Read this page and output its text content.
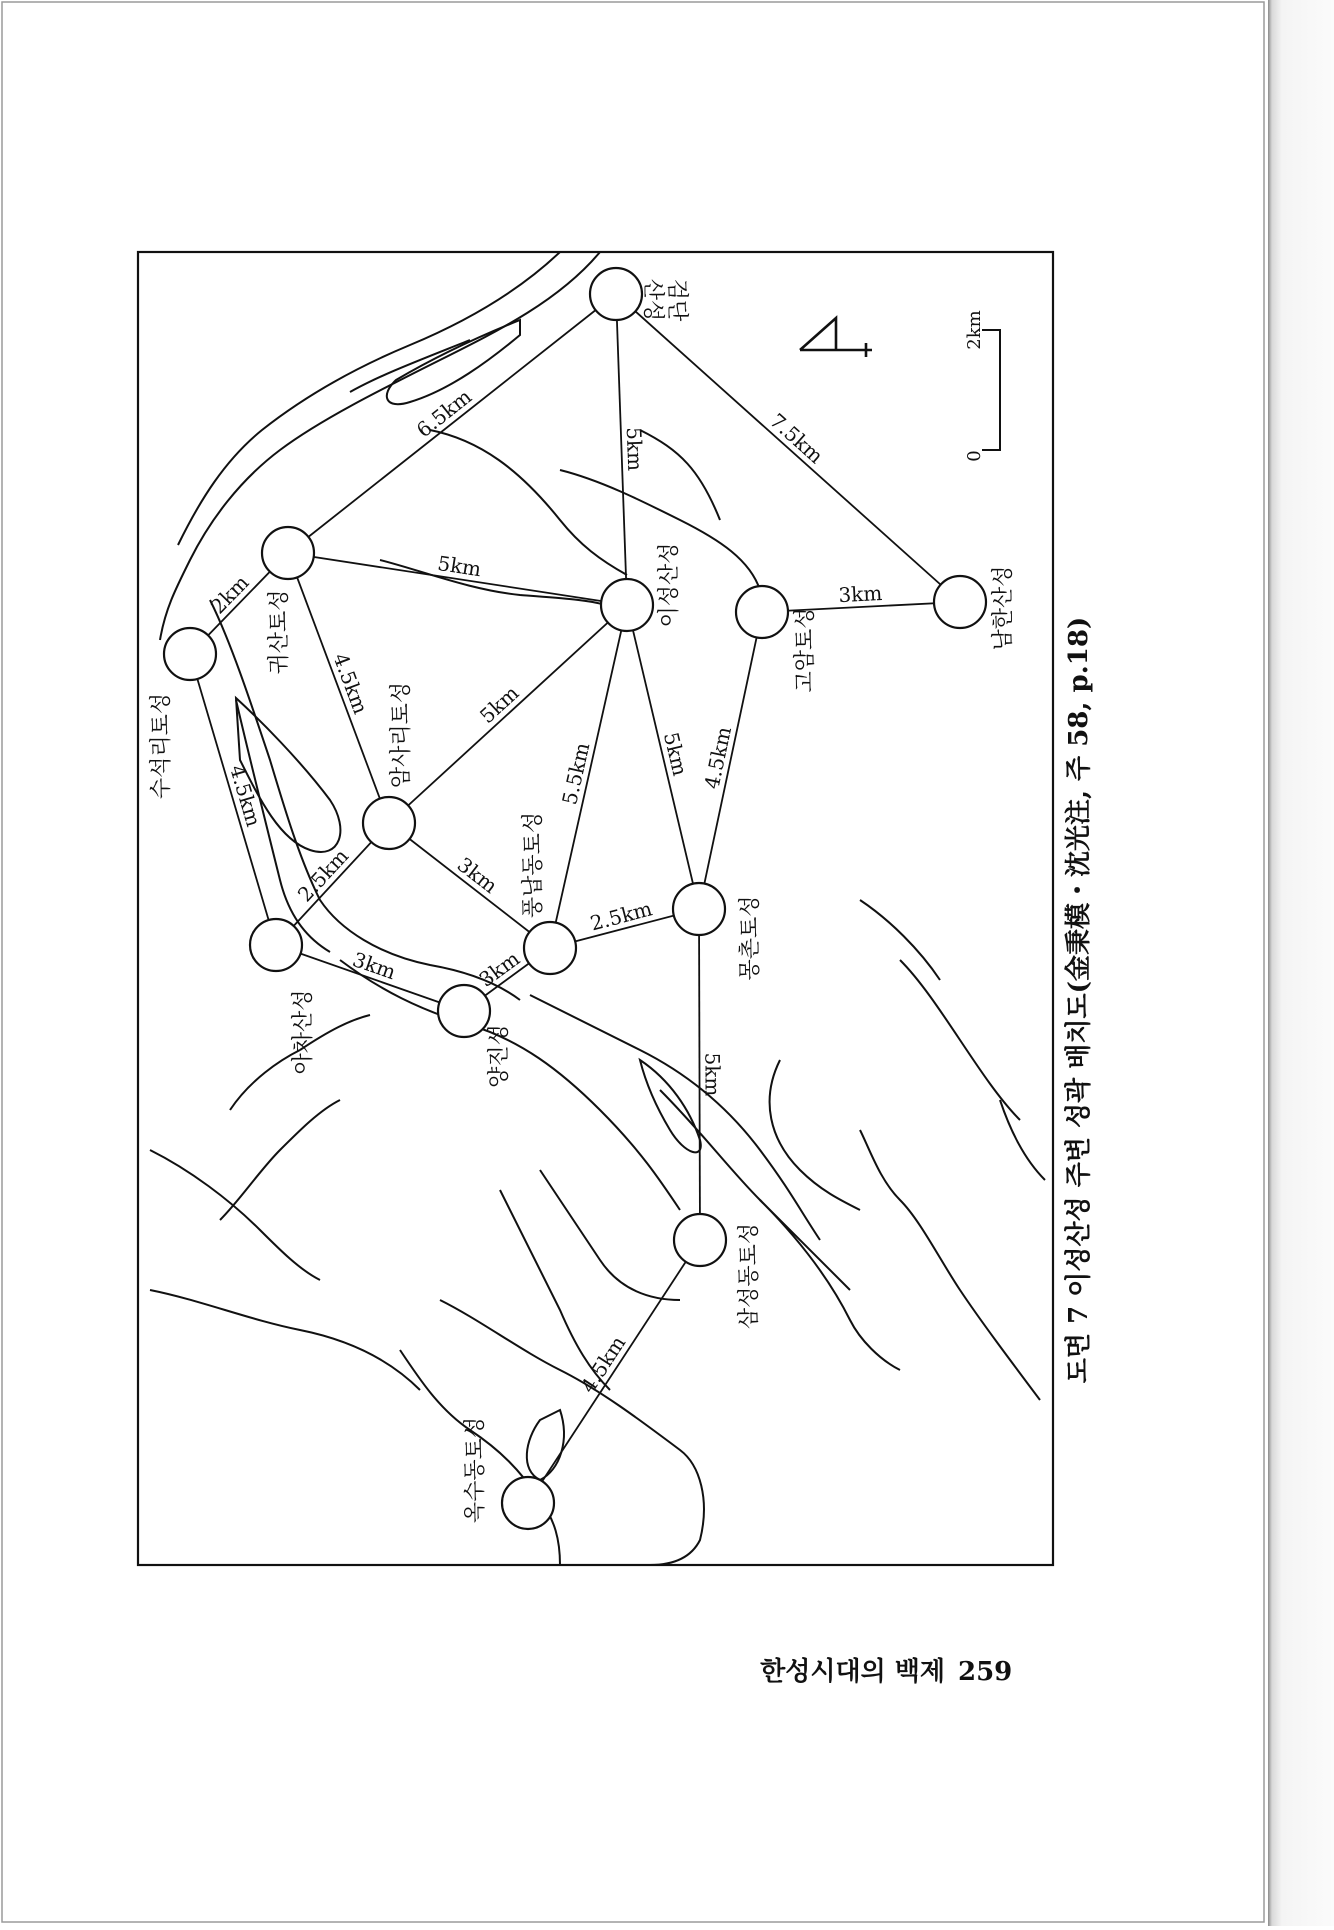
6.5km
5km	7.5km
5km
3km
2km
4.5km	5km
5.5km	5km 4.5km
4.5km
2.5km	3km
2.5km
3km	3km
5km
4.5km
검단산성
이성산성	남한산성
고암토성
귀산토성
수석리토성	암사리토성
풍납동토성
몽촌토성
아차산성	양진성
삼성동토성
옥수동토성
0
2km
도면 7 이성산성 주변 성곽 배치도(金秉模・沈光注, 주 58, p.18)
한성시대의 백제 259
